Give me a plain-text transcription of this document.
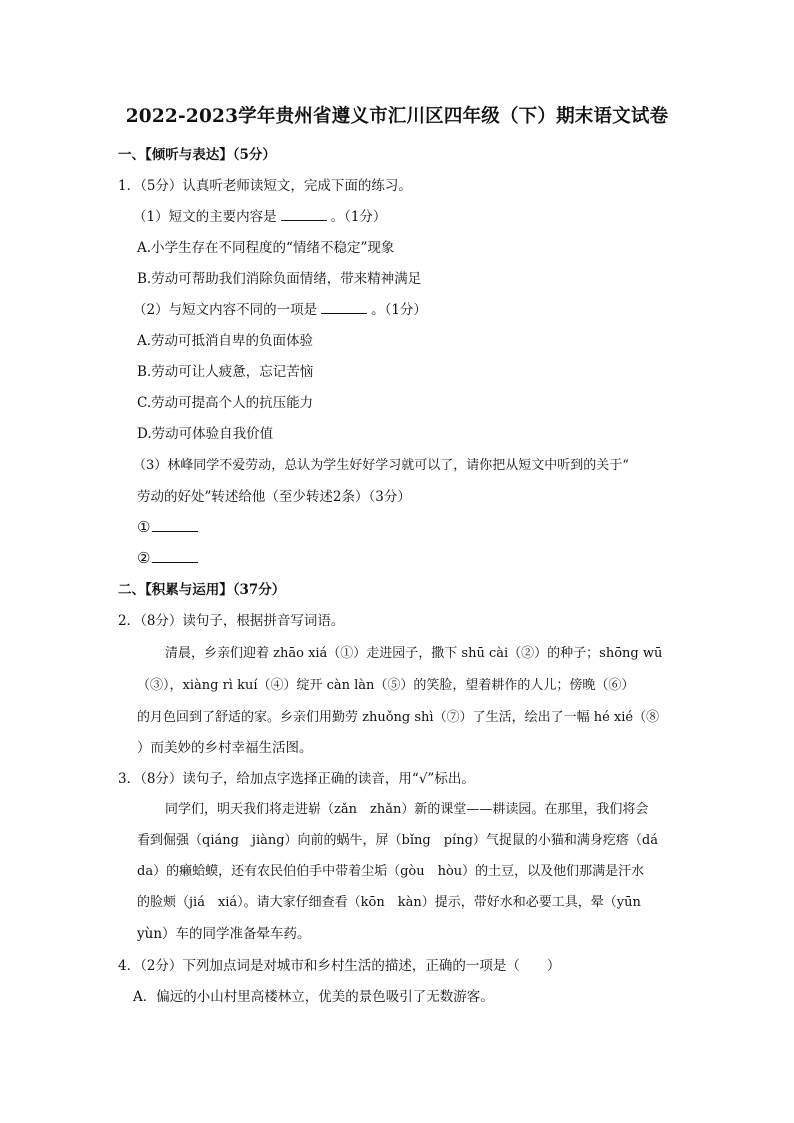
2022-2023学年贵州省遵义市汇川区四年级（下）期末语文试卷
一、【倾听与表达】（5分）
1．（5分）认真听老师读短文，完成下面的练习。
（1）短文的主要内容是	。（1分）
A.小学生存在不同程度的“情绪不稳定”现象
B.劳动可帮助我们消除负面情绪，带来精神满足
（2）与短文内容不同的一项是	。（1分）
A.劳动可抵消自卑的负面体验
B.劳动可让人疲惫，忘记苦恼
C.劳动可提高个人的抗压能力
D.劳动可体验自我价值
（3）林峰同学不爱劳动，总认为学生好好学习就可以了，请你把从短文中听到的关于“
劳动的好处”转述给他（至少转述2条）（3分）
①
②
二、【积累与运用】（37分）
2．（8分）读句子，根据拼音写词语。
清晨，乡亲们迎着 zhāo xiá（①）走进园子，撒下 shū cài（②）的种子；shōng wū
（③），xiàng rì kuí（④）绽开 càn làn（⑤）的笑脸，望着耕作的人儿；傍晚（⑥）
的月色回到了舒适的家。乡亲们用勤劳 zhuǒng shì（⑦）了生活，绘出了一幅 hé xié（⑧
）而美妙的乡村幸福生活图。
3．（8分）读句子，给加点字选择正确的读音，用“√”标出。
同学们，明天我们将走进崭（zǎn　zhǎn）新的课堂——耕读园。在那里，我们将会
看到倔强（qiáng　jiàng）向前的蜗牛，屏（bǐng　píng）气捉鼠的小猫和满身疙瘩（dá
da）的癞蛤蟆，还有农民伯伯手中带着尘垢（gòu　hòu）的土豆，以及他们那满是汗水
的脸颊（jiá　xiá）。请大家仔细查看（kōn　kàn）提示，带好水和必要工具，晕（yūn
yùn）车的同学准备晕车药。
4．（2分）下列加点词是对城市和乡村生活的描述，正确的一项是（　　）
A．偏远的小山村里高楼林立，优美的景色吸引了无数游客。
